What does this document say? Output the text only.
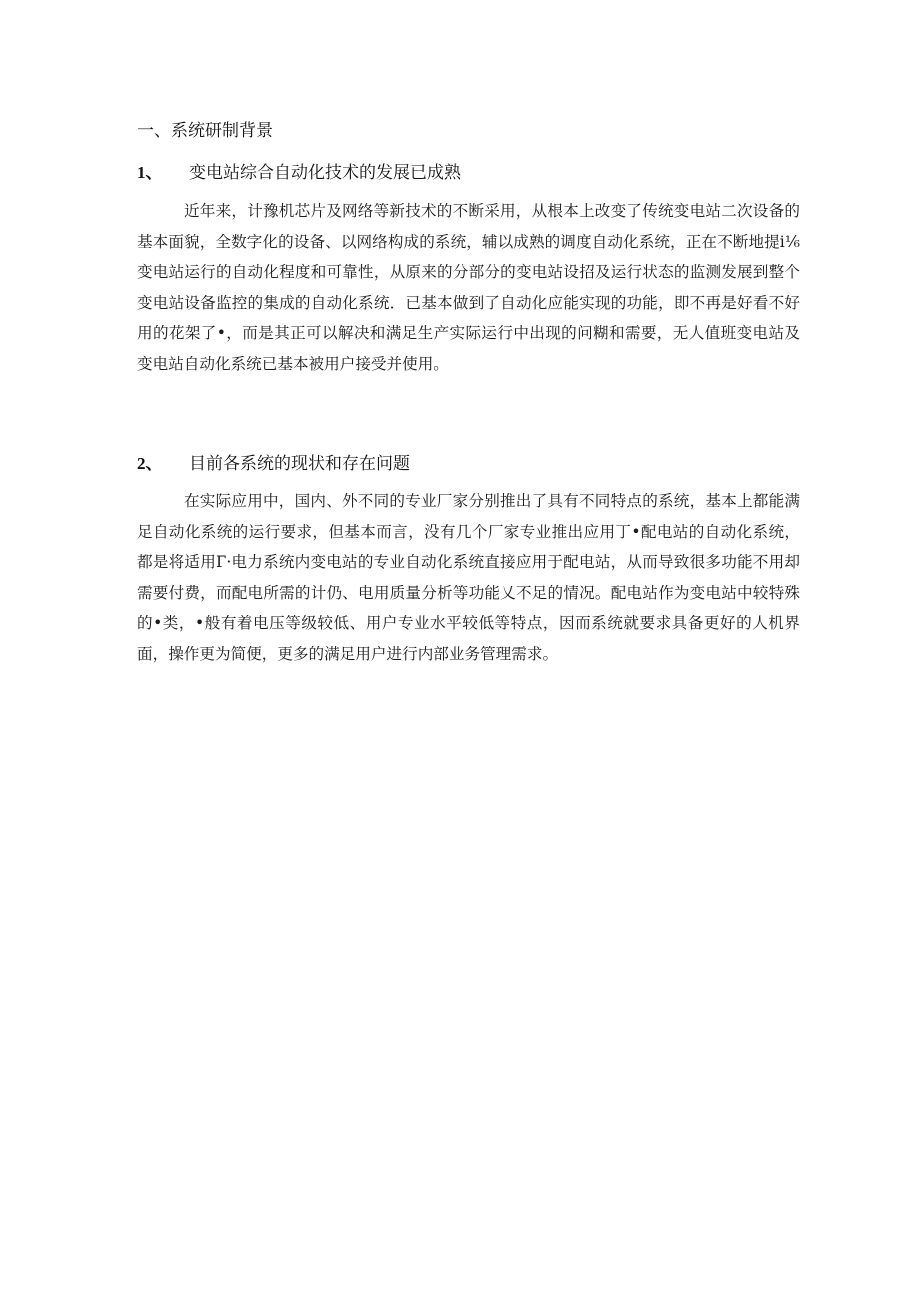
一、系统研制背景
1、 变电站综合自动化技术的发展已成熟

近年来，计豫机芯片及网络等新技术的不断采用，从根本上改变了传统变电站二次设备的基本面貌，全数字化的设备、以网络构成的系统，辅以成熟的调度自动化系统，正在不断地提i⅙变电站运行的自动化程度和可靠性，从原来的分部分的变电站设招及运行状态的监测发展到整个变电站设备监控的集成的自动化系统．已基本做到了自动化应能实现的功能，即不再是好看不好用的花架了•，而是其正可以解决和满足生产实际运行中出现的问糊和需要，无人值班变电站及变电站自动化系统已基本被用户接受并使用。

2、 目前各系统的现状和存在问题

在实际应用中，国内、外不同的专业厂家分别推出了具有不同特点的系统，基本上都能满足自动化系统的运行要求，但基本而言，没有几个厂家专业推出应用丁•配电站的自动化系统，都是将适用Г·电力系统内变电站的专业自动化系统直接应用于配电站，从而导致很多功能不用却需要付费，而配电所需的计仍、电用质量分析等功能乂不足的情况。配电站作为变电站中较特殊的•类，•般有着电压等级较低、用户专业水平较低等特点，因而系统就要求具备更好的人机界面，操作更为简便，更多的满足用户进行内部业务管理需求。
